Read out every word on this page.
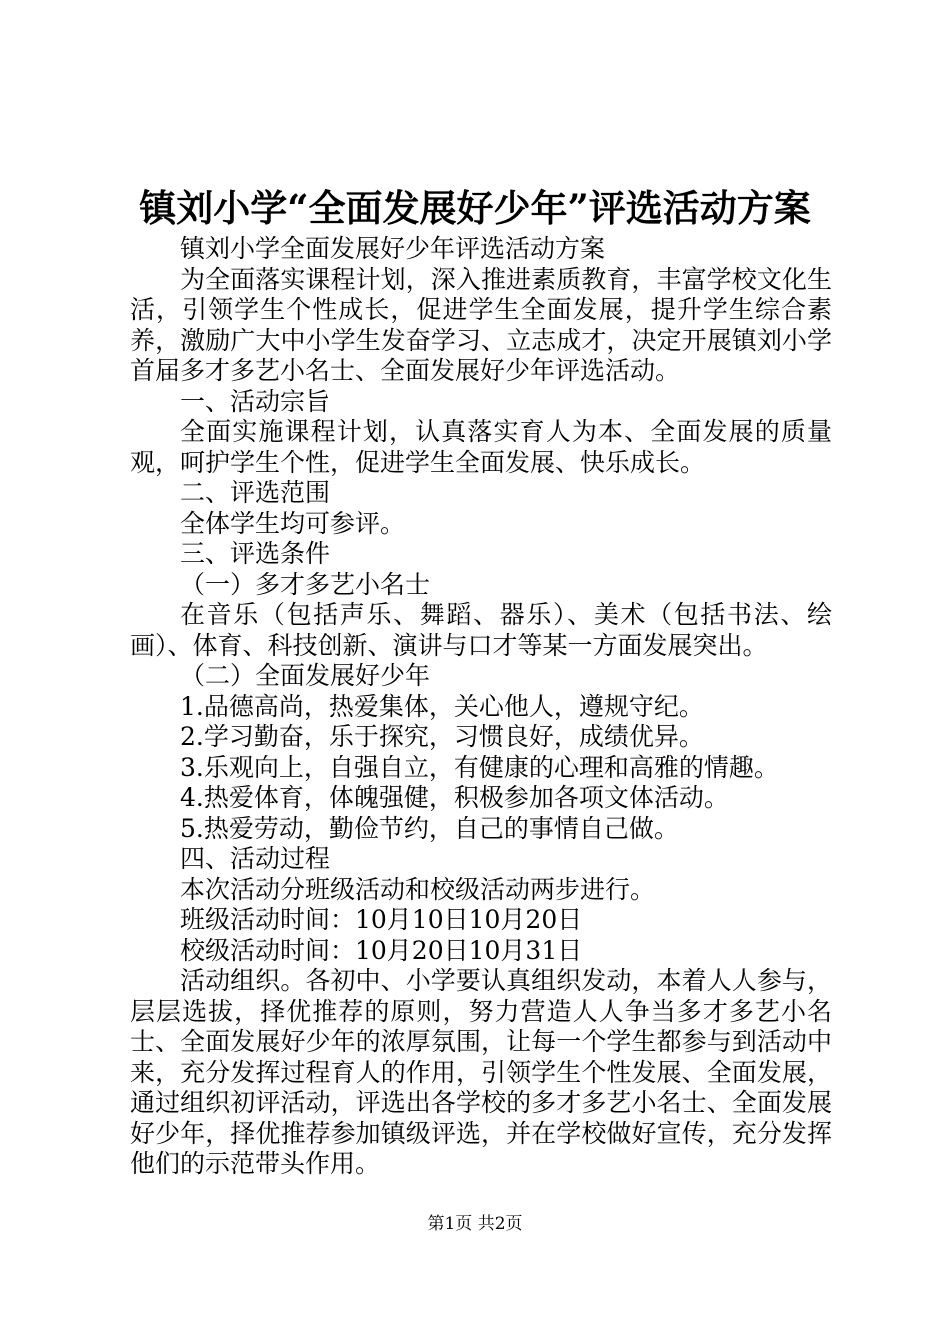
镇刘小学“全面发展好少年”评选活动方案

镇刘小学全面发展好少年评选活动方案

为全面落实课程计划，深入推进素质教育，丰富学校文化生活，引领学生个性成长，促进学生全面发展，提升学生综合素养，激励广大中小学生发奋学习、立志成才，决定开展镇刘小学首届多才多艺小名士、全面发展好少年评选活动。

一、活动宗旨

全面实施课程计划，认真落实育人为本、全面发展的质量观，呵护学生个性，促进学生全面发展、快乐成长。

二、评选范围

全体学生均可参评。

三、评选条件

（一）多才多艺小名士

在音乐（包括声乐、舞蹈、器乐）、美术（包括书法、绘画）、体育、科技创新、演讲与口才等某一方面发展突出。

（二）全面发展好少年

1.品德高尚，热爱集体，关心他人，遵规守纪。

2.学习勤奋，乐于探究，习惯良好，成绩优异。

3.乐观向上，自强自立，有健康的心理和高雅的情趣。

4.热爱体育，体魄强健，积极参加各项文体活动。

5.热爱劳动，勤俭节约，自己的事情自己做。

四、活动过程

本次活动分班级活动和校级活动两步进行。

班级活动时间：10月10日10月20日

校级活动时间：10月20日10月31日

活动组织。各初中、小学要认真组织发动，本着人人参与，层层选拔，择优推荐的原则，努力营造人人争当多才多艺小名士、全面发展好少年的浓厚氛围，让每一个学生都参与到活动中来，充分发挥过程育人的作用，引领学生个性发展、全面发展，通过组织初评活动，评选出各学校的多才多艺小名士、全面发展好少年，择优推荐参加镇级评选，并在学校做好宣传，充分发挥他们的示范带头作用。

第1页 共2页
